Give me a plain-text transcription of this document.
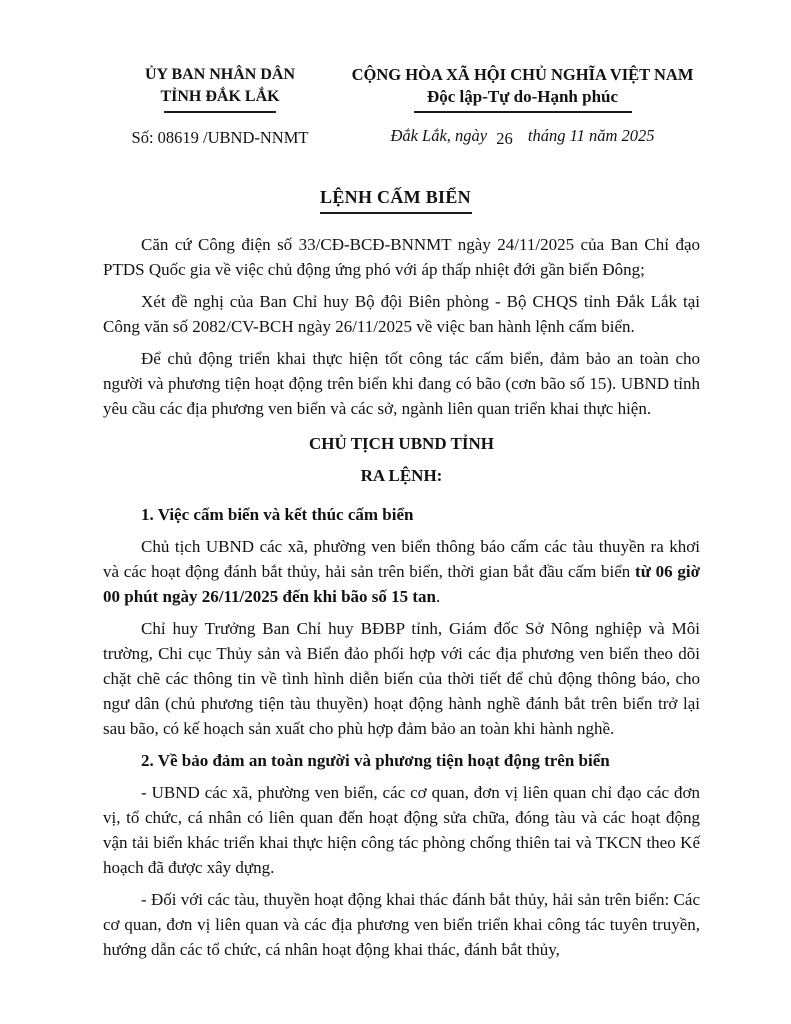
ỦY BAN NHÂN DÂN
TỈNH ĐẮK LẮK
Số: 08619 /UBND-NNMT
CỘNG HÒA XÃ HỘI CHỦ NGHĨA VIỆT NAM
Độc lập-Tự do-Hạnh phúc
Đắk Lắk, ngày 26 tháng 11 năm 2025
LỆNH CẤM BIỂN

Căn cứ Công điện số 33/CĐ-BCĐ-BNNMT ngày 24/11/2025 của Ban Chỉ đạo PTDS Quốc gia về việc chủ động ứng phó với áp thấp nhiệt đới gần biển Đông;

Xét đề nghị của Ban Chỉ huy Bộ đội Biên phòng - Bộ CHQS tỉnh Đắk Lắk tại Công văn số 2082/CV-BCH ngày 26/11/2025 về việc ban hành lệnh cấm biển.

Để chủ động triển khai thực hiện tốt công tác cấm biển, đảm bảo an toàn cho người và phương tiện hoạt động trên biển khi đang có bão (cơn bão số 15). UBND tỉnh yêu cầu các địa phương ven biển và các sở, ngành liên quan triển khai thực hiện.

CHỦ TỊCH UBND TỈNH
RA LỆNH:

1. Việc cấm biển và kết thúc cấm biển

Chủ tịch UBND các xã, phường ven biển thông báo cấm các tàu thuyền ra khơi và các hoạt động đánh bắt thủy, hải sản trên biển, thời gian bắt đầu cấm biển từ 06 giờ 00 phút ngày 26/11/2025 đến khi bão số 15 tan.

Chỉ huy Trưởng Ban Chỉ huy BĐBP tỉnh, Giám đốc Sở Nông nghiệp và Môi trường, Chi cục Thủy sản và Biển đảo phối hợp với các địa phương ven biển theo dõi chặt chẽ các thông tin về tình hình diễn biến của thời tiết để chủ động thông báo, cho ngư dân (chủ phương tiện tàu thuyền) hoạt động hành nghề đánh bắt trên biển trở lại sau bão, có kế hoạch sản xuất cho phù hợp đảm bảo an toàn khi hành nghề.

2. Về bảo đảm an toàn người và phương tiện hoạt động trên biển

- UBND các xã, phường ven biển, các cơ quan, đơn vị liên quan chỉ đạo các đơn vị, tổ chức, cá nhân có liên quan đến hoạt động sửa chữa, đóng tàu và các hoạt động vận tải biển khác triển khai thực hiện công tác phòng chống thiên tai và TKCN theo Kế hoạch đã được xây dựng.

- Đối với các tàu, thuyền hoạt động khai thác đánh bắt thủy, hải sản trên biển: Các cơ quan, đơn vị liên quan và các địa phương ven biển triển khai công tác tuyên truyền, hướng dẫn các tổ chức, cá nhân hoạt động khai thác, đánh bắt thủy,
